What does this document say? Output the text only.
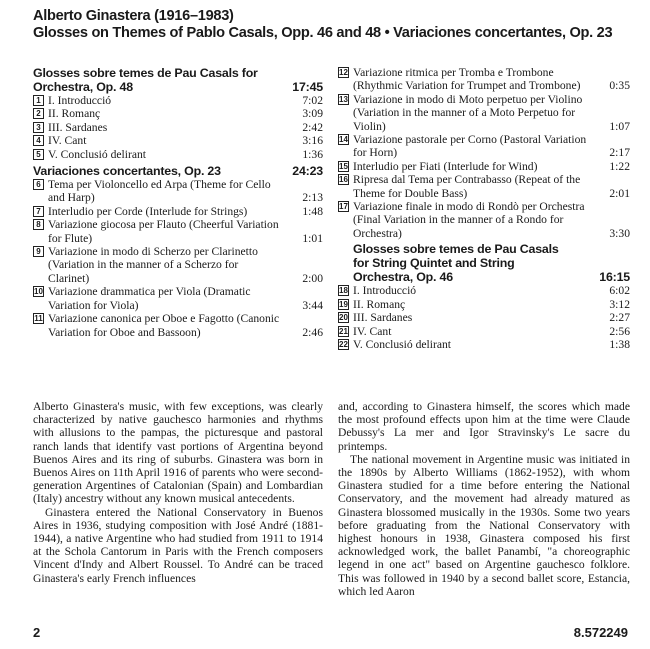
Alberto Ginastera (1916–1983)
Glosses on Themes of Pablo Casals, Opp. 46 and 48 • Variaciones concertantes, Op. 23
Glosses sobre temes de Pau Casals for Orchestra, Op. 48	17:45
1 I. Introducció	7:02
2 II. Romanç	3:09
3 III. Sardanes	2:42
4 IV. Cant	3:16
5 V. Conclusió delirant	1:36
Variaciones concertantes, Op. 23	24:23
6 Tema per Violoncello ed Arpa (Theme for Cello and Harp)	2:13
7 Interludio per Corde (Interlude for Strings)	1:48
8 Variazione giocosa per Flauto (Cheerful Variation for Flute)	1:01
9 Variazione in modo di Scherzo per Clarinetto (Variation in the manner of a Scherzo for Clarinet)	2:00
10 Variazione drammatica per Viola (Dramatic Variation for Viola)	3:44
11 Variazione canonica per Oboe e Fagotto (Canonic Variation for Oboe and Bassoon)	2:46
12 Variazione ritmica per Tromba e Trombone (Rhythmic Variation for Trumpet and Trombone) 0:35
13 Variazione in modo di Moto perpetuo per Violino (Variation in the manner of a Moto Perpetuo for Violin)	1:07
14 Variazione pastorale per Corno (Pastoral Variation for Horn)	2:17
15 Interludio per Fiati (Interlude for Wind)	1:22
16 Ripresa dal Tema per Contrabasso (Repeat of the Theme for Double Bass)	2:01
17 Variazione finale in modo di Rondò per Orchestra (Final Variation in the manner of a Rondo for Orchestra)	3:30
Glosses sobre temes de Pau Casals for String Quintet and String Orchestra, Op. 46	16:15
18 I. Introducció	6:02
19 II. Romanç	3:12
20 III. Sardanes	2:27
21 IV. Cant	2:56
22 V. Conclusió delirant	1:38

Alberto Ginastera's music, with few exceptions, was clearly characterized by native gauchesco harmonies and rhythms with allusions to the pampas, the picturesque and pastoral ranch lands that identify vast portions of Argentina beyond Buenos Aires and its ring of suburbs. Ginastera was born in Buenos Aires on 11th April 1916 of parents who were second-generation Argentines of Catalonian (Spain) and Lombardian (Italy) ancestry without any known musical antecedents.

Ginastera entered the National Conservatory in Buenos Aires in 1936, studying composition with José André (1881-1944), a native Argentine who had studied from 1911 to 1914 at the Schola Cantorum in Paris with the French composers Vincent d'Indy and Albert Roussel. To André can be traced Ginastera's early French influences

and, according to Ginastera himself, the scores which made the most profound effects upon him at the time were Claude Debussy's La mer and Igor Stravinsky's Le sacre du printemps.

The national movement in Argentine music was initiated in the 1890s by Alberto Williams (1862-1952), with whom Ginastera studied for a time before entering the National Conservatory, and the movement had already matured as Ginastera blossomed musically in the 1930s. Some two years before graduating from the National Conservatory with highest honours in 1938, Ginastera composed his first acknowledged work, the ballet Panambí, "a choreographic legend in one act" based on Argentine gauchesco folklore. This was followed in 1940 by a second ballet score, Estancia, which led Aaron

2	8.572249
